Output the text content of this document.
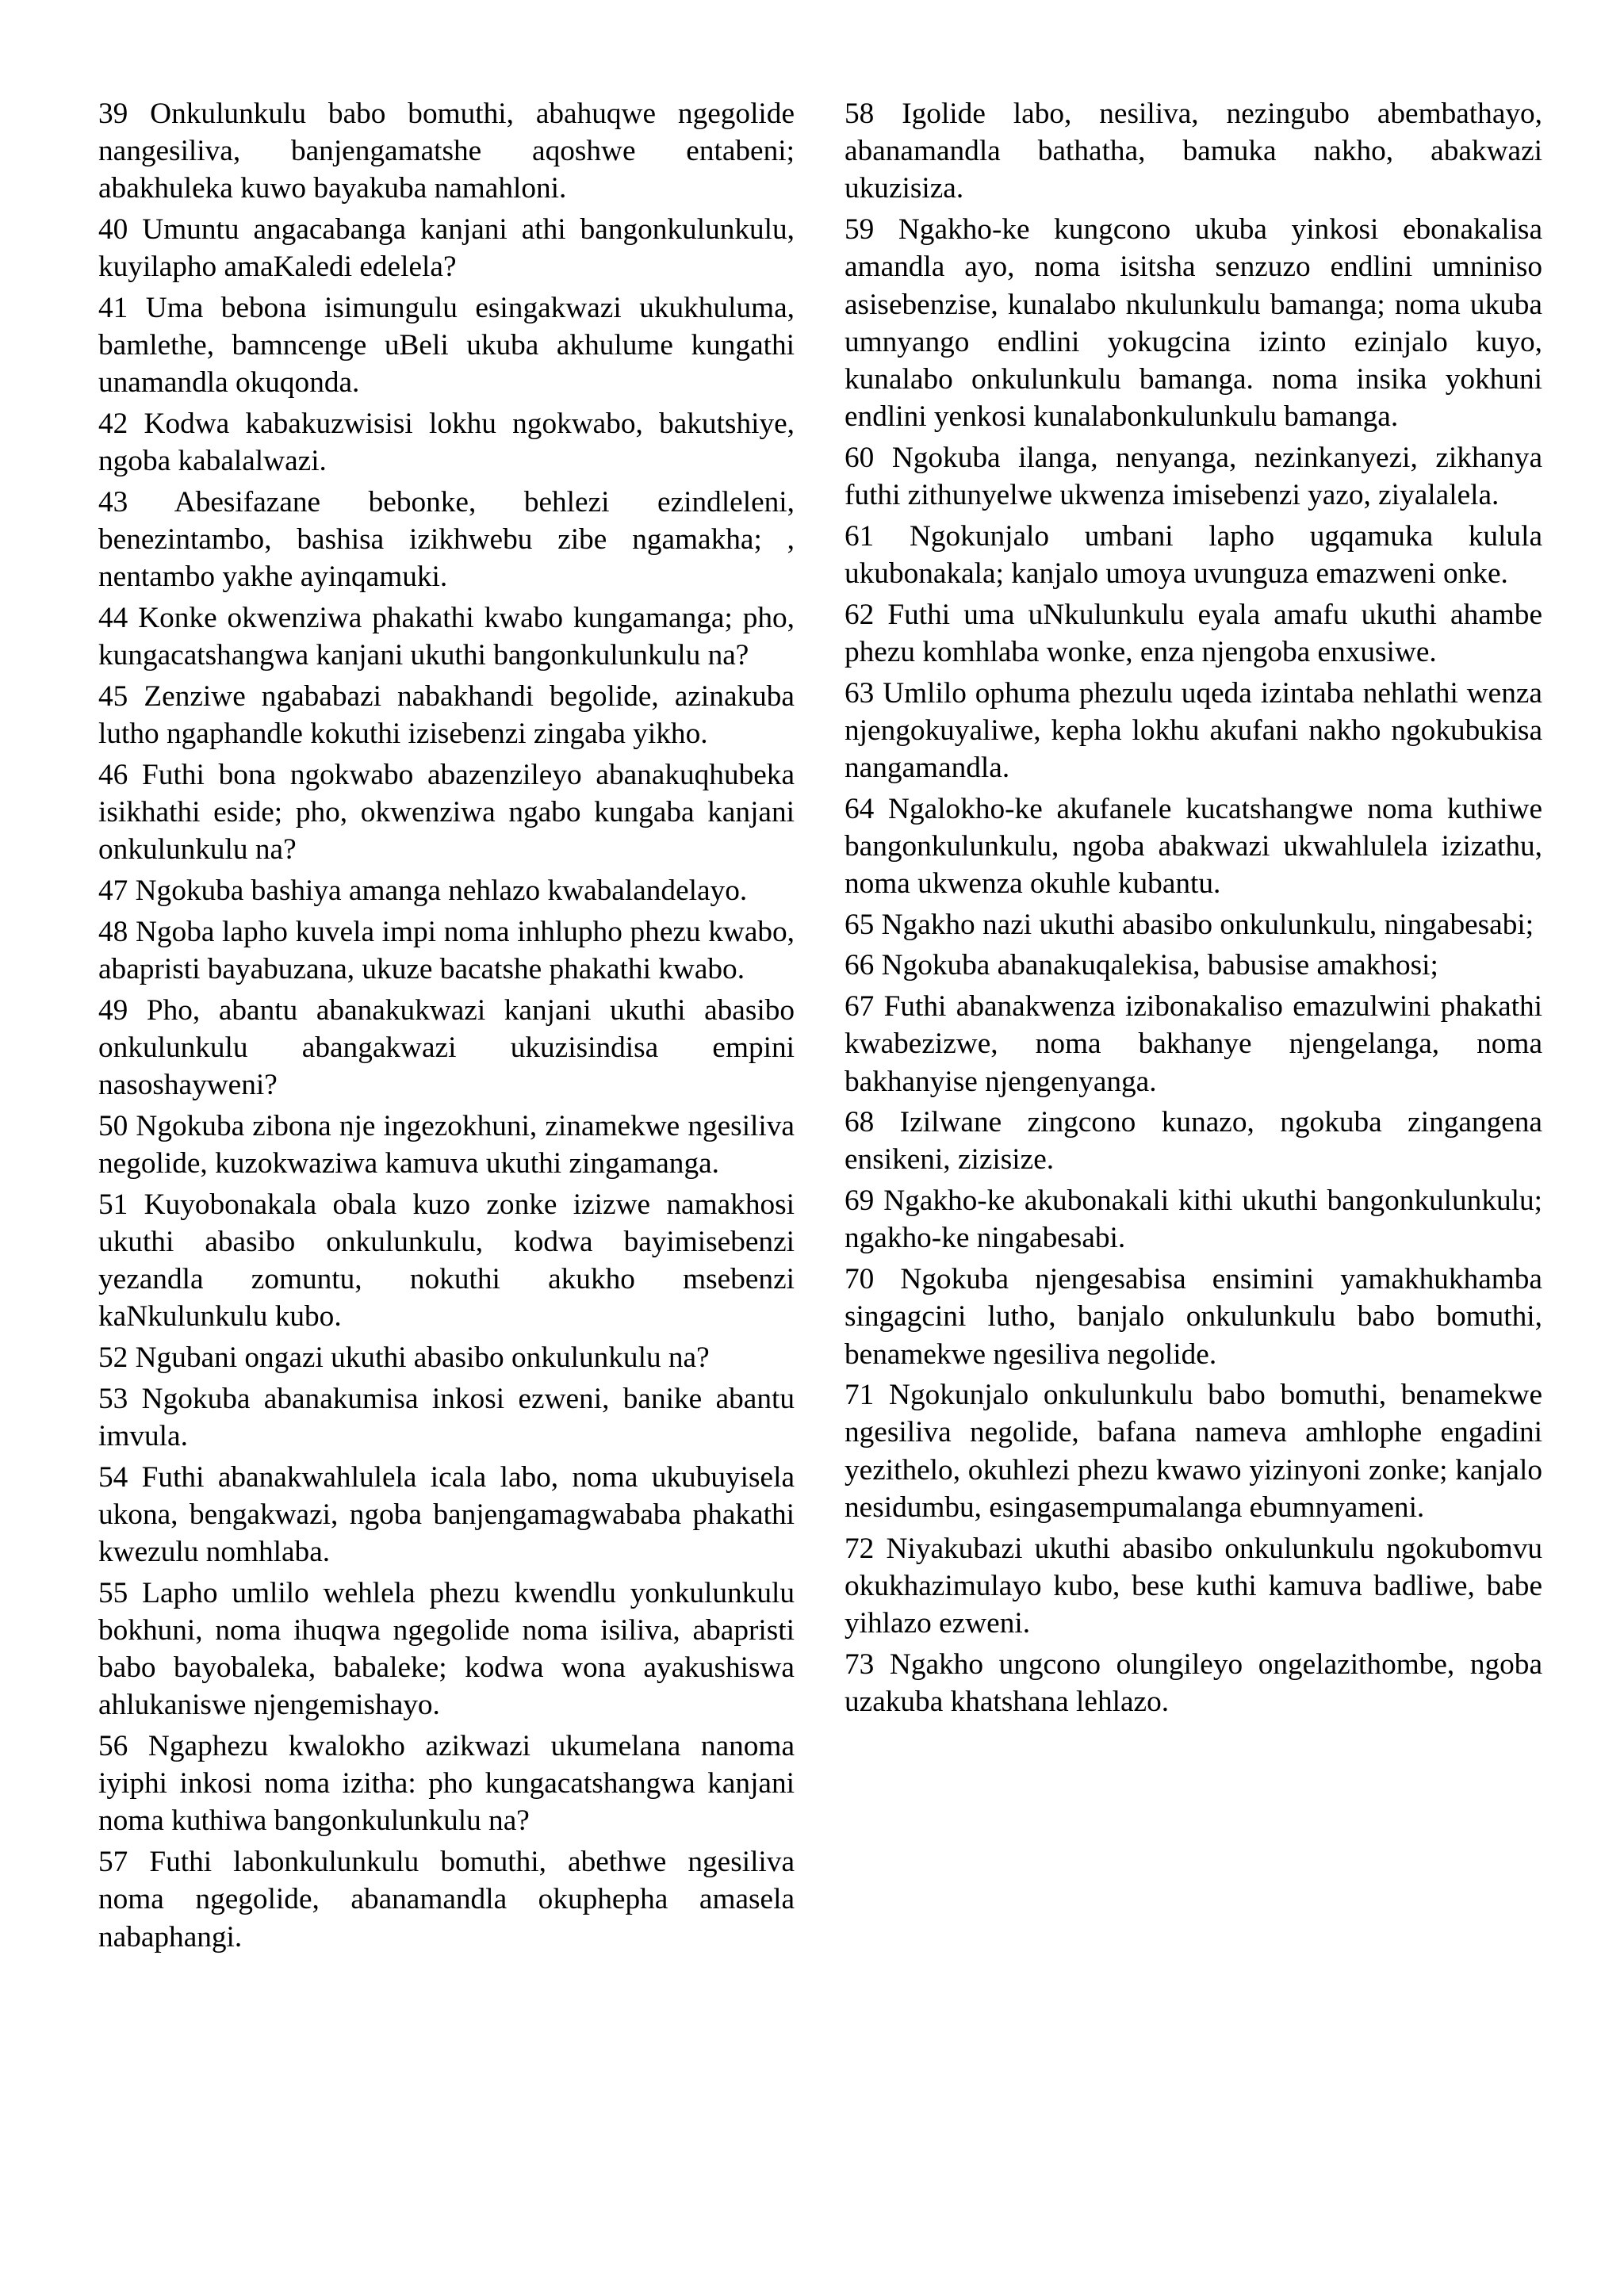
39 Onkulunkulu babo bomuthi, abahuqwe ngegolide nangesiliva, banjengamatshe aqoshwe entabeni; abakhuleka kuwo bayakuba namahloni.

40 Umuntu angacabanga kanjani athi bangonkulunkulu, kuyilapho amaKaledi edelela?

41 Uma bebona isimungulu esingakwazi ukukhuluma, bamlethe, bamncenge uBeli ukuba akhulume kungathi unamandla okuqonda.

42 Kodwa kabakuzwisisi lokhu ngokwabo, bakutshiye, ngoba kabalalwazi.

43 Abesifazane bebonke, behlezi ezindleleni, benezintambo, bashisa izikhwebu zibe ngamakha; , nentambo yakhe ayinqamuki.

44 Konke okwenziwa phakathi kwabo kungamanga; pho, kungacatshangwa kanjani ukuthi bangonkulunkulu na?

45 Zenziwe ngababazi nabakhandi begolide, azinakuba lutho ngaphandle kokuthi izisebenzi zingaba yikho.

46 Futhi bona ngokwabo abazenzileyo abanakuqhubeka isikhathi eside; pho, okwenziwa ngabo kungaba kanjani onkulunkulu na?

47 Ngokuba bashiya amanga nehlazo kwabalandelayo.

48 Ngoba lapho kuvela impi noma inhlupho phezu kwabo, abapristi bayabuzana, ukuze bacatshe phakathi kwabo.

49 Pho, abantu abanakukwazi kanjani ukuthi abasibo onkulunkulu abangakwazi ukuzisindisa empini nasoshayweni?

50 Ngokuba zibona nje ingezokhuni, zinamekwe ngesiliva negolide, kuzokwaziwa kamuva ukuthi zingamanga.

51 Kuyobonakala obala kuzo zonke izizwe namakhosi ukuthi abasibo onkulunkulu, kodwa bayimisebenzi yezandla zomuntu, nokuthi akukho msebenzi kaNkulunkulu kubo.

52 Ngubani ongazi ukuthi abasibo onkulunkulu na?

53 Ngokuba abanakumisa inkosi ezweni, banike abantu imvula.

54 Futhi abanakwahlulela icala labo, noma ukubuyisela ukona, bengakwazi, ngoba banjengamagwababa phakathi kwezulu nomhlaba.

55 Lapho umlilo wehlela phezu kwendlu yonkulunkulu bokhuni, noma ihuqwa ngegolide noma isiliva, abapristi babo bayobaleka, babaleke; kodwa wona ayakushiswa ahlukaniswe njengemishayo.

56 Ngaphezu kwalokho azikwazi ukumelana nanoma iyiphi inkosi noma izitha: pho kungacatshangwa kanjani noma kuthiwa bangonkulunkulu na?

57 Futhi labonkulunkulu bomuthi, abethwe ngesiliva noma ngegolide, abanamandla okuphepha amasela nabaphangi.

58 Igolide labo, nesiliva, nezingubo abembathayo, abanamandla bathatha, bamuka nakho, abakwazi ukuzisiza.

59 Ngakho-ke kungcono ukuba yinkosi ebonakalisa amandla ayo, noma isitsha senzuzo endlini umniniso asisebenzise, kunalabo nkulunkulu bamanga; noma ukuba umnyango endlini yokugcina izinto ezinjalo kuyo, kunalabo onkulunkulu bamanga. noma insika yokhuni endlini yenkosi kunalabonkulunkulu bamanga.

60 Ngokuba ilanga, nenyanga, nezinkanyezi, zikhanya futhi zithunyelwe ukwenza imisebenzi yazo, ziyalalela.

61 Ngokunjalo umbani lapho ugqamuka kulula ukubonakala; kanjalo umoya uvunguza emazweni onke.

62 Futhi uma uNkulunkulu eyala amafu ukuthi ahambe phezu komhlaba wonke, enza njengoba enxusiwe.

63 Umlilo ophuma phezulu uqeda izintaba nehlathi wenza njengokuyaliwe, kepha lokhu akufani nakho ngokubukisa nangamandla.

64 Ngalokho-ke akufanele kucatshangwe noma kuthiwe bangonkulunkulu, ngoba abakwazi ukwahlulela izizathu, noma ukwenza okuhle kubantu.

65 Ngakho nazi ukuthi abasibo onkulunkulu, ningabesabi;

66 Ngokuba abanakuqalekisa, babusise amakhosi;

67 Futhi abanakwenza izibonakaliso emazulwini phakathi kwabezizwe, noma bakhanye njengelanga, noma bakhanyise njengenyanga.

68 Izilwane zingcono kunazo, ngokuba zingangena ensikeni, zizisize.

69 Ngakho-ke akubonakali kithi ukuthi bangonkulunkulu; ngakho-ke ningabesabi.

70 Ngokuba njengesabisa ensimini yamakhukhamba singagcini lutho, banjalo onkulunkulu babo bomuthi, benamekwe ngesiliva negolide.

71 Ngokunjalo onkulunkulu babo bomuthi, benamekwe ngesiliva negolide, bafana nameva amhlophe engadini yezithelo, okuhlezi phezu kwawo yizinyoni zonke; kanjalo nesidumbu, esingasempumalanga ebumnyameni.

72 Niyakubazi ukuthi abasibo onkulunkulu ngokubomvu okukhazimulayo kubo, bese kuthi kamuva badliwe, babe yihlazo ezweni.

73 Ngakho ungcono olungileyo ongelazithombe, ngoba uzakuba khatshana lehlazo.
